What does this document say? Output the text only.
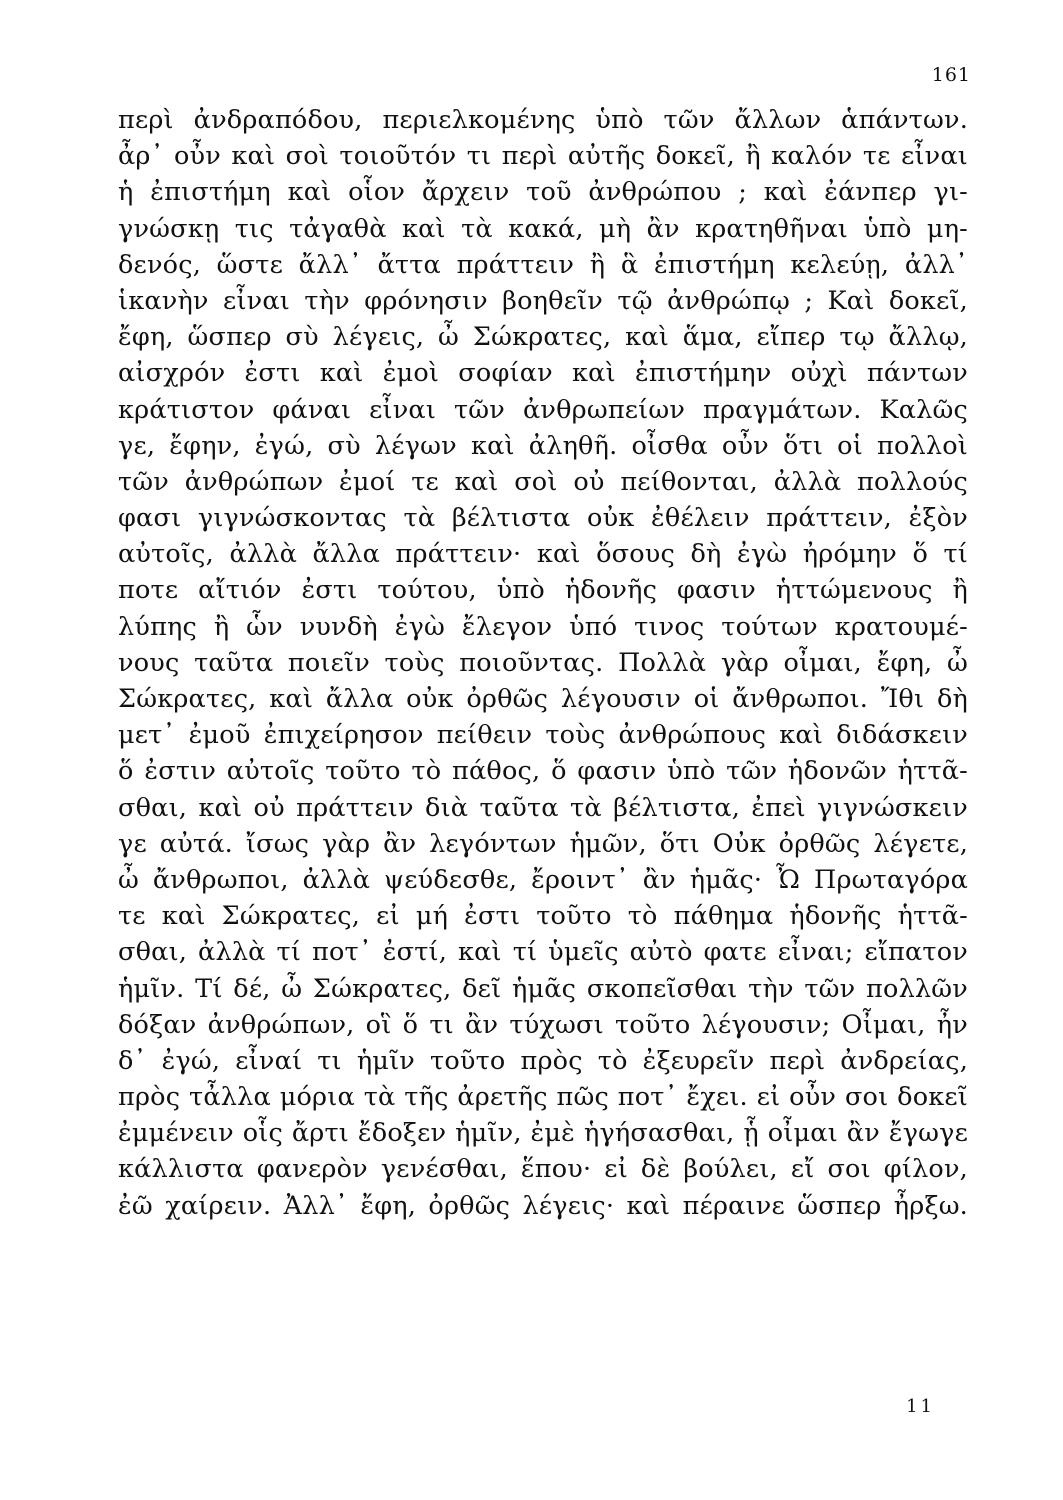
161
περὶ ἀνδραπόδου, περιελκομένης ὑπὸ τῶν ἄλλων ἁπάντων.
ἆρ᾽ οὖν καὶ σοὶ τοιοῦτόν τι περὶ αὐτῆς δοκεῖ, ἢ καλόν τε εἶναι
ἡ ἐπιστήμη καὶ οἷον ἄρχειν τοῦ ἀνθρώπου ; καὶ ἐάνπερ γι-
γνώσκῃ τις τἀγαθὰ καὶ τὰ κακά, μὴ ἂν κρατηθῆναι ὑπὸ μη-
δενός, ὥστε ἄλλ᾽ ἄττα πράττειν ἢ ἃ ἐπιστήμη κελεύῃ, ἀλλ᾽
ἱκανὴν εἶναι τὴν φρόνησιν βοηθεῖν τῷ ἀνθρώπῳ ; Καὶ δοκεῖ,
ἔφη, ὥσπερ σὺ λέγεις, ὦ Σώκρατες, καὶ ἅμα, εἴπερ τῳ ἄλλῳ,
αἰσχρόν ἐστι καὶ ἐμοὶ σοφίαν καὶ ἐπιστήμην οὐχὶ πάντων
κράτιστον φάναι εἶναι τῶν ἀνθρωπείων πραγμάτων. Καλῶς
γε, ἔφην, ἐγώ, σὺ λέγων καὶ ἀληθῆ. οἶσθα οὖν ὅτι οἱ πολλοὶ
τῶν ἀνθρώπων ἐμοί τε καὶ σοὶ οὐ πείθονται, ἀλλὰ πολλούς
φασι γιγνώσκοντας τὰ βέλτιστα οὐκ ἐθέλειν πράττειν, ἐξὸν
αὐτοῖς, ἀλλὰ ἄλλα πράττειν· καὶ ὅσους δὴ ἐγὼ ἠρόμην ὅ τί
ποτε αἴτιόν ἐστι τούτου, ὑπὸ ἡδονῆς φασιν ἡττώμενους ἢ
λύπης ἢ ὧν νυνδὴ ἐγὼ ἔλεγον ὑπό τινος τούτων κρατουμέ-
νους ταῦτα ποιεῖν τοὺς ποιοῦντας. Πολλὰ γὰρ οἶμαι, ἔφη, ὦ
Σώκρατες, καὶ ἄλλα οὐκ ὀρθῶς λέγουσιν οἱ ἄνθρωποι. Ἴθι δὴ
μετ᾽ ἐμοῦ ἐπιχείρησον πείθειν τοὺς ἀνθρώπους καὶ διδάσκειν
ὅ ἐστιν αὐτοῖς τοῦτο τὸ πάθος, ὅ φασιν ὑπὸ τῶν ἡδονῶν ἡττᾶ-
σθαι, καὶ οὐ πράττειν διὰ ταῦτα τὰ βέλτιστα, ἐπεὶ γιγνώσκειν
γε αὐτά. ἴσως γὰρ ἂν λεγόντων ἡμῶν, ὅτι Οὐκ ὀρθῶς λέγετε,
ὦ ἄνθρωποι, ἀλλὰ ψεύδεσθε, ἔροιντ᾽ ἂν ἡμᾶς· Ὦ Πρωταγόρα
τε καὶ Σώκρατες, εἰ μή ἐστι τοῦτο τὸ πάθημα ἡδονῆς ἡττᾶ-
σθαι, ἀλλὰ τί ποτ᾽ ἐστί, καὶ τί ὑμεῖς αὐτὸ φατε εἶναι; εἴπατον
ἡμῖν. Τί δέ, ὦ Σώκρατες, δεῖ ἡμᾶς σκοπεῖσθαι τὴν τῶν πολλῶν
δόξαν ἀνθρώπων, οἳ ὅ τι ἂν τύχωσι τοῦτο λέγουσιν; Οἶμαι, ἦν
δ᾽ ἐγώ, εἶναί τι ἡμῖν τοῦτο πρὸς τὸ ἐξευρεῖν περὶ ἀνδρείας,
πρὸς τἆλλα μόρια τὰ τῆς ἀρετῆς πῶς ποτ᾽ ἔχει. εἰ οὖν σοι δοκεῖ
ἐμμένειν οἷς ἄρτι ἔδοξεν ἡμῖν, ἐμὲ ἡγήσασθαι, ᾗ οἶμαι ἂν ἔγωγε
κάλλιστα φανερὸν γενέσθαι, ἕπου· εἰ δὲ βούλει, εἴ σοι φίλον,
ἐῶ χαίρειν. Ἀλλ᾽ ἔφη, ὀρθῶς λέγεις· καὶ πέραινε ὥσπερ ἦρξω.
11
